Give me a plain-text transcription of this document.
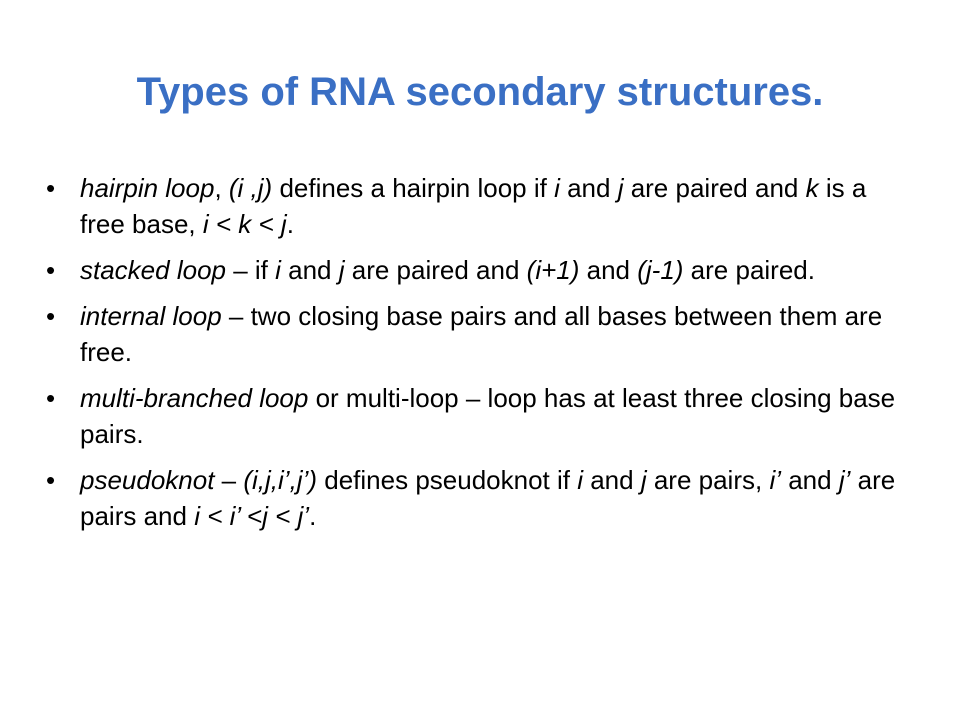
Types of RNA secondary structures.
• hairpin loop, (i ,j) defines a hairpin loop if i and j are paired and k is a free base, i < k < j.
• stacked loop – if i and j are paired and (i+1) and (j-1) are paired.
• internal loop – two closing base pairs and all bases between them are free.
• multi-branched loop or multi-loop – loop has at least three closing base pairs.
• pseudoknot – (i,j,i’,j’) defines pseudoknot if i and j are pairs, i’ and j’ are pairs and i < i’ <j < j’.
